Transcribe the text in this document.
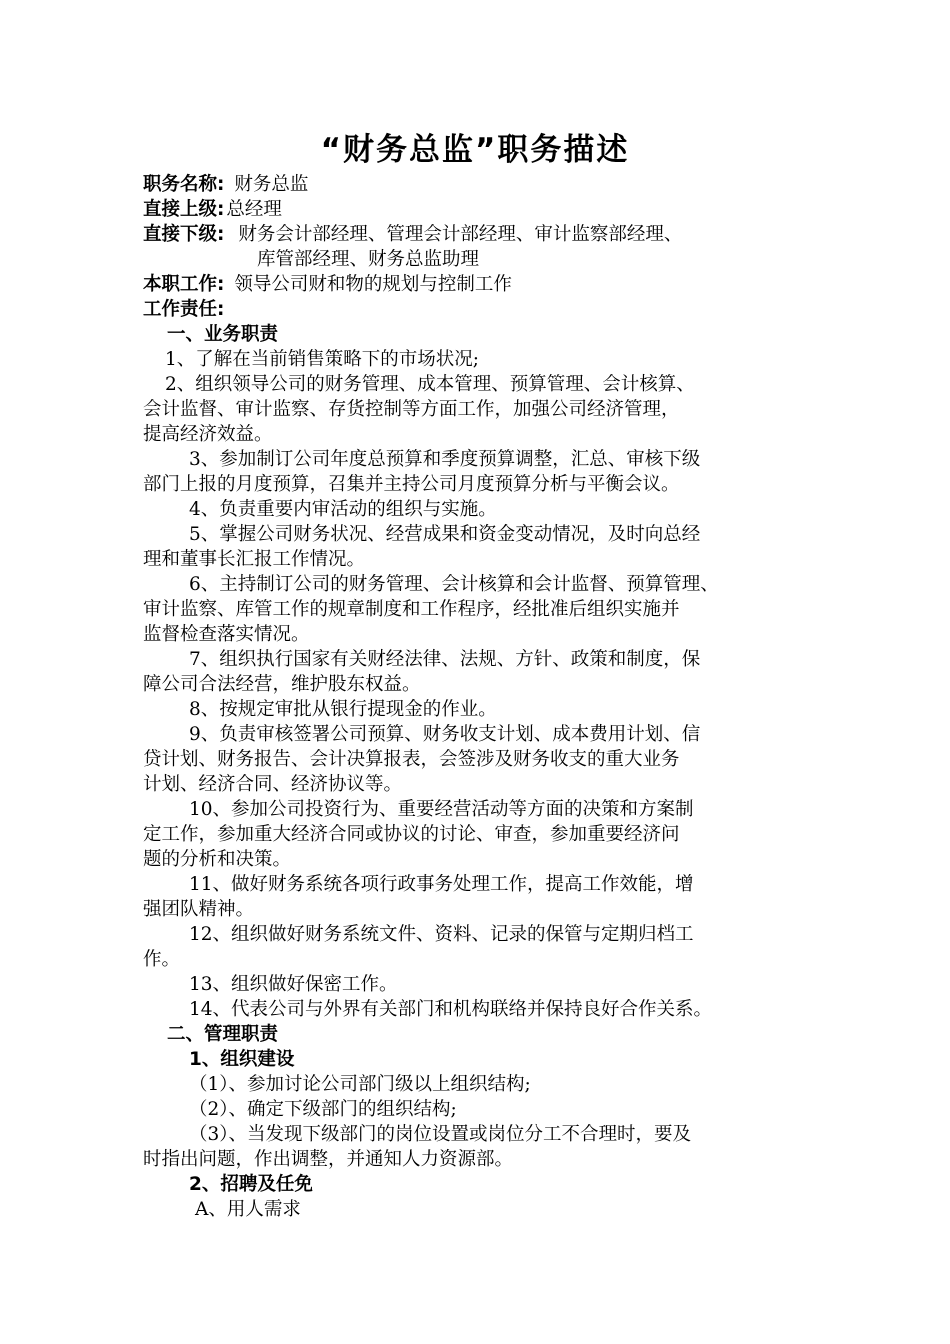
“财务总监”职务描述
职务名称: 财务总监
直接上级: 总经理
直接下级: 财务会计部经理、管理会计部经理、审计监察部经理、
库管部经理、财务总监助理
本职工作: 领导公司财和物的规划与控制工作
工作责任:
一、业务职责
1、了解在当前销售策略下的市场状况;
2、组织领导公司的财务管理、成本管理、预算管理、会计核算、
会计监督、审计监察、存货控制等方面工作，加强公司经济管理，
提高经济效益。
3、参加制订公司年度总预算和季度预算调整，汇总、审核下级
部门上报的月度预算，召集并主持公司月度预算分析与平衡会议。
4、负责重要内审活动的组织与实施。
5、掌握公司财务状况、经营成果和资金变动情况，及时向总经
理和董事长汇报工作情况。
6、主持制订公司的财务管理、会计核算和会计监督、预算管理、
审计监察、库管工作的规章制度和工作程序，经批准后组织实施并
监督检查落实情况。
7、组织执行国家有关财经法律、法规、方针、政策和制度，保
障公司合法经营，维护股东权益。
8、按规定审批从银行提现金的作业。
9、负责审核签署公司预算、财务收支计划、成本费用计划、信
贷计划、财务报告、会计决算报表，会签涉及财务收支的重大业务
计划、经济合同、经济协议等。
10、参加公司投资行为、重要经营活动等方面的决策和方案制
定工作，参加重大经济合同或协议的讨论、审查，参加重要经济问
题的分析和决策。
11、做好财务系统各项行政事务处理工作，提高工作效能，增
强团队精神。
12、组织做好财务系统文件、资料、记录的保管与定期归档工
作。
13、组织做好保密工作。
14、代表公司与外界有关部门和机构联络并保持良好合作关系。
二、管理职责
1、组织建设
（1）、参加讨论公司部门级以上组织结构;
（2）、确定下级部门的组织结构;
（3）、当发现下级部门的岗位设置或岗位分工不合理时，要及
时指出问题，作出调整，并通知人力资源部。
2、招聘及任免
A、用人需求
